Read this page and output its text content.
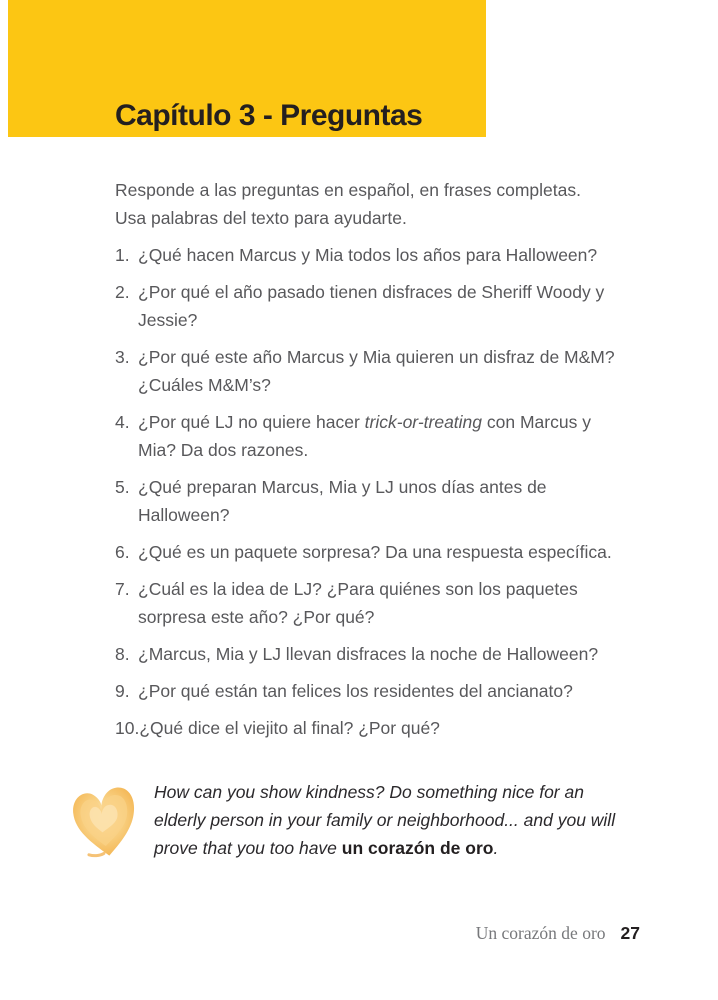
Capítulo 3 - Preguntas

Responde a las preguntas en español, en frases completas.
Usa palabras del texto para ayudarte.

1. ¿Qué hacen Marcus y Mia todos los años para Halloween?
2. ¿Por qué el año pasado tienen disfraces de Sheriff Woody y Jessie?
3. ¿Por qué este año Marcus y Mia quieren un disfraz de M&M? ¿Cuáles M&M’s?
4. ¿Por qué LJ no quiere hacer trick-or-treating con Marcus y Mia? Da dos razones.
5. ¿Qué preparan Marcus, Mia y LJ unos días antes de Halloween?
6. ¿Qué es un paquete sorpresa? Da una respuesta específica.
7. ¿Cuál es la idea de LJ? ¿Para quiénes son los paquetes sorpresa este año? ¿Por qué?
8. ¿Marcus, Mia y LJ llevan disfraces la noche de Halloween?
9. ¿Por qué están tan felices los residentes del ancianato?
10. ¿Qué dice el viejito al final? ¿Por qué?

How can you show kindness? Do something nice for an elderly person in your family or neighborhood... and you will prove that you too have un corazón de oro.

Un corazón de oro 27
